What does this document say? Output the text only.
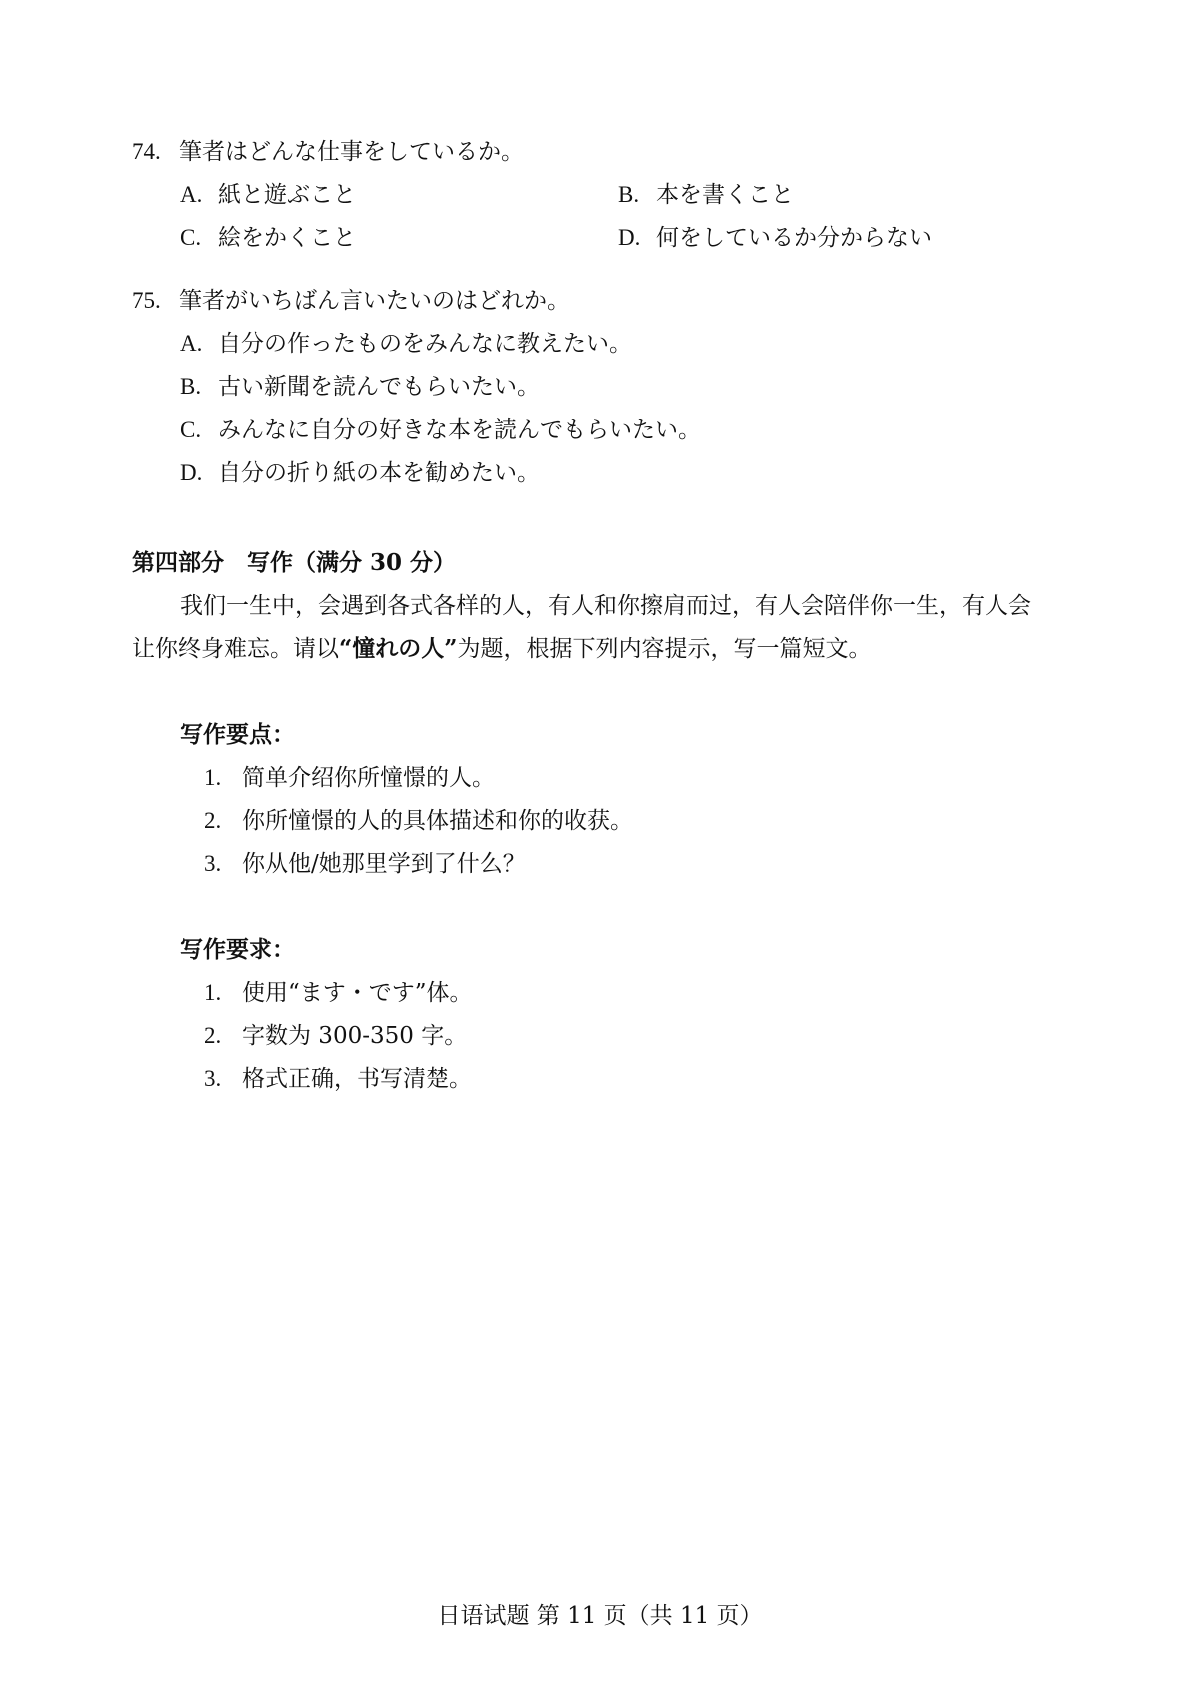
74. 筆者はどんな仕事をしているか。
A. 紙と遊ぶこと	B. 本を書くこと
C. 絵をかくこと	D. 何をしているか分からない
75. 筆者がいちばん言いたいのはどれか。
A. 自分の作ったものをみんなに教えたい。
B. 古い新聞を読んでもらいたい。
C. みんなに自分の好きな本を読んでもらいたい。
D. 自分の折り紙の本を勧めたい。
第四部分　写作（满分 30 分）
我们一生中，会遇到各式各样的人，有人和你擦肩而过，有人会陪伴你一生，有人会
让你终身难忘。请以“憧れの人”为题，根据下列内容提示，写一篇短文。
写作要点：
1. 简单介绍你所憧憬的人。
2. 你所憧憬的人的具体描述和你的收获。
3. 你从他/她那里学到了什么？
写作要求：
1. 使用“ます・です”体。
2. 字数为 300-350 字。
3. 格式正确，书写清楚。
日语试题 第 11 页（共 11 页）
